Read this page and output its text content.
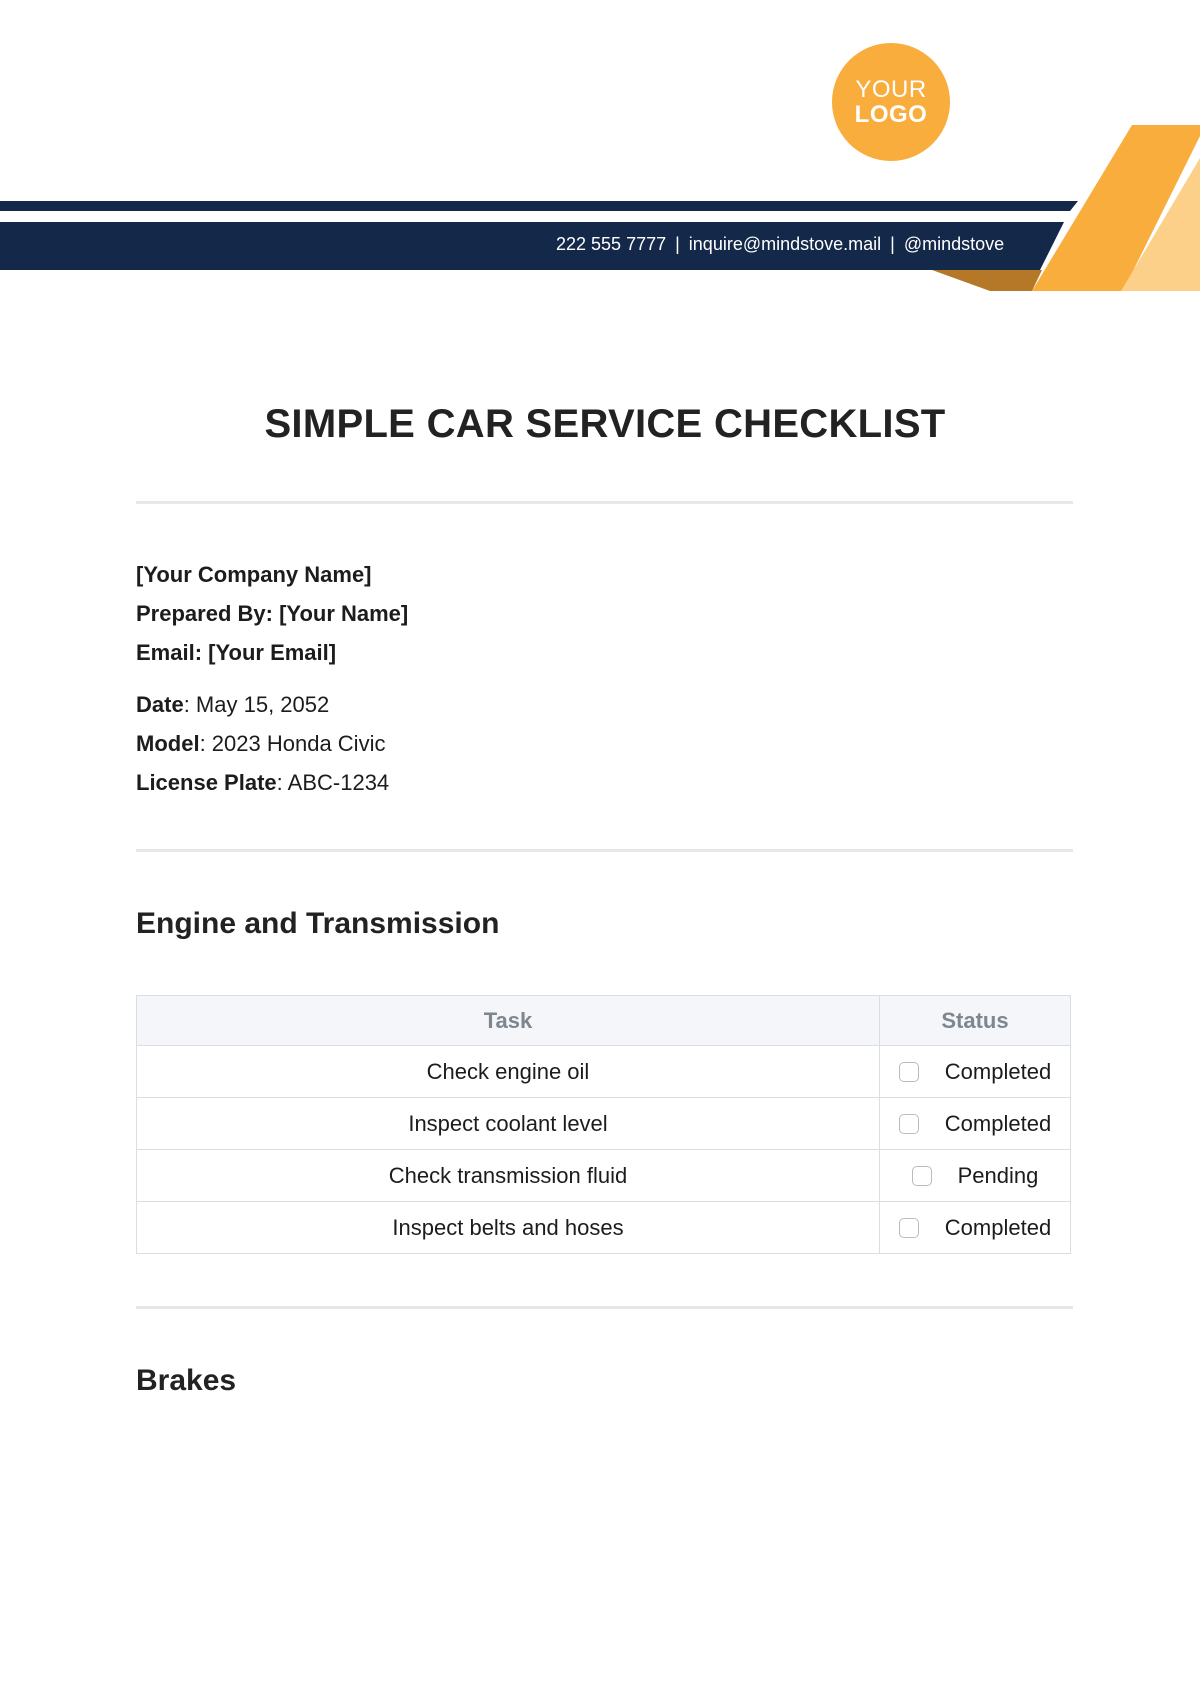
YOUR
LOGO
222 555 7777 | inquire@mindstove.mail | @mindstove
SIMPLE CAR SERVICE CHECKLIST
[Your Company Name]
Prepared By: [Your Name]
Email: [Your Email]
Date: May 15, 2052
Model: 2023 Honda Civic
License Plate: ABC-1234
Engine and Transmission
Task	Status
Check engine oil	Completed

Inspect coolant level	Completed

Check transmission fluid	Pending

Inspect belts and hoses	Completed
Brakes
